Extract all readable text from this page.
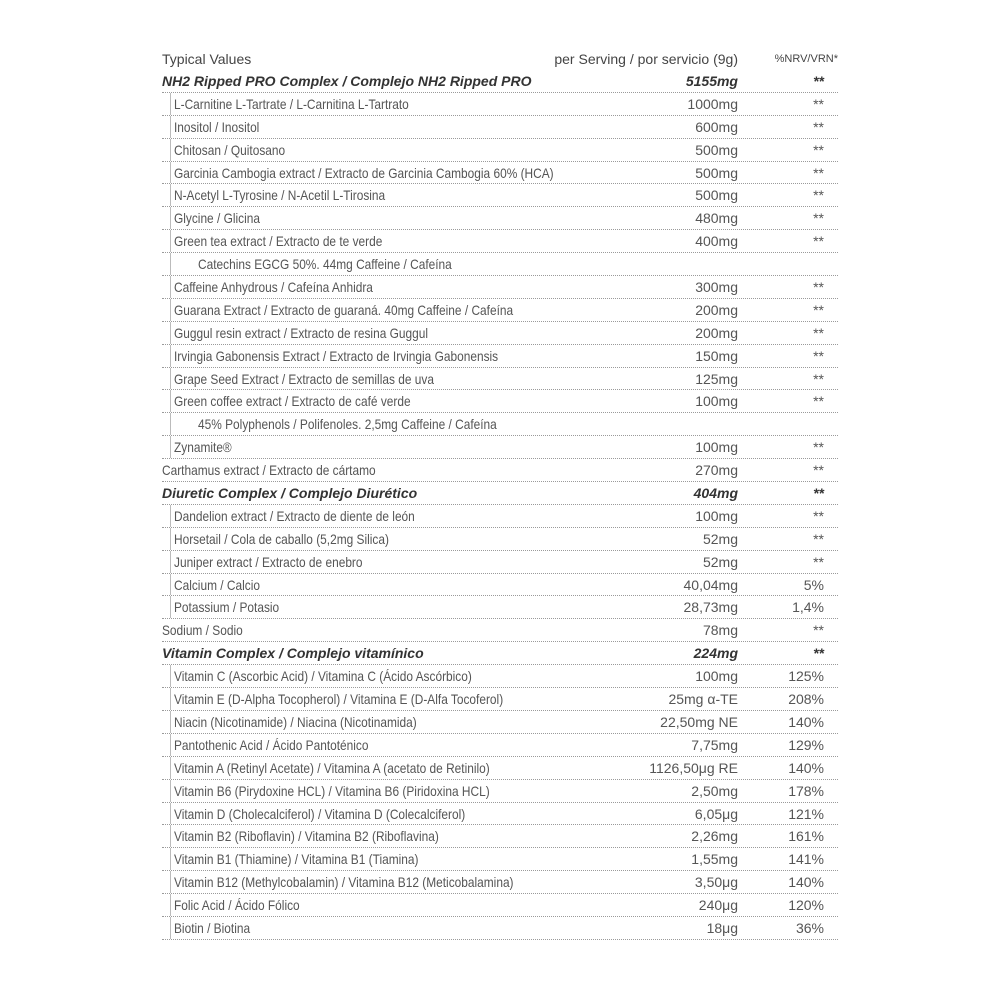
Typical Values	per Serving / por servicio (9g)	%NRV/VRN*
NH2 Ripped PRO Complex / Complejo NH2 Ripped PRO	5155mg	**
L-Carnitine L-Tartrate / L-Carnitina L-Tartrato	1000mg	**
Inositol / Inositol	600mg	**
Chitosan / Quitosano	500mg	**
Garcinia Cambogia extract / Extracto de Garcinia Cambogia 60% (HCA)	500mg	**
N-Acetyl L-Tyrosine / N-Acetil L-Tirosina	500mg	**
Glycine / Glicina	480mg	**
Green tea extract / Extracto de te verde	400mg	**
Catechins EGCG 50%. 44mg Caffeine / Cafeína
Caffeine Anhydrous / Cafeína Anhidra	300mg	**
Guarana Extract / Extracto de guaraná. 40mg Caffeine / Cafeína	200mg	**
Guggul resin extract / Extracto de resina Guggul	200mg	**
Irvingia Gabonensis Extract / Extracto de Irvingia Gabonensis	150mg	**
Grape Seed Extract / Extracto de semillas de uva	125mg	**
Green coffee extract / Extracto de café verde	100mg	**
45% Polyphenols / Polifenoles. 2,5mg Caffeine / Cafeína
Zynamite®	100mg	**
Carthamus extract / Extracto de cártamo	270mg	**
Diuretic Complex / Complejo Diurético	404mg	**
Dandelion extract / Extracto de diente de león	100mg	**
Horsetail / Cola de caballo (5,2mg Silica)	52mg	**
Juniper extract / Extracto de enebro	52mg	**
Calcium / Calcio	40,04mg	5%
Potassium / Potasio	28,73mg	1,4%
Sodium / Sodio	78mg	**
Vitamin Complex / Complejo vitamínico	224mg	**
Vitamin C (Ascorbic Acid) / Vitamina C (Ácido Ascórbico)	100mg	125%
Vitamin E (D-Alpha Tocopherol) / Vitamina E (D-Alfa Tocoferol)	25mg α-TE	208%
Niacin (Nicotinamide) / Niacina (Nicotinamida)	22,50mg NE	140%
Pantothenic Acid / Ácido Pantoténico	7,75mg	129%
Vitamin A (Retinyl Acetate) / Vitamina A (acetato de Retinilo)	1126,50μg RE	140%
Vitamin B6 (Pirydoxine HCL) / Vitamina B6 (Piridoxina HCL)	2,50mg	178%
Vitamin D (Cholecalciferol) / Vitamina D (Colecalciferol)	6,05μg	121%
Vitamin B2 (Riboflavin) / Vitamina B2 (Riboflavina)	2,26mg	161%
Vitamin B1 (Thiamine) / Vitamina B1 (Tiamina)	1,55mg	141%
Vitamin B12 (Methylcobalamin) / Vitamina B12 (Meticobalamina)	3,50μg	140%
Folic Acid / Ácido Fólico	240μg	120%
Biotin / Biotina	18μg	36%
